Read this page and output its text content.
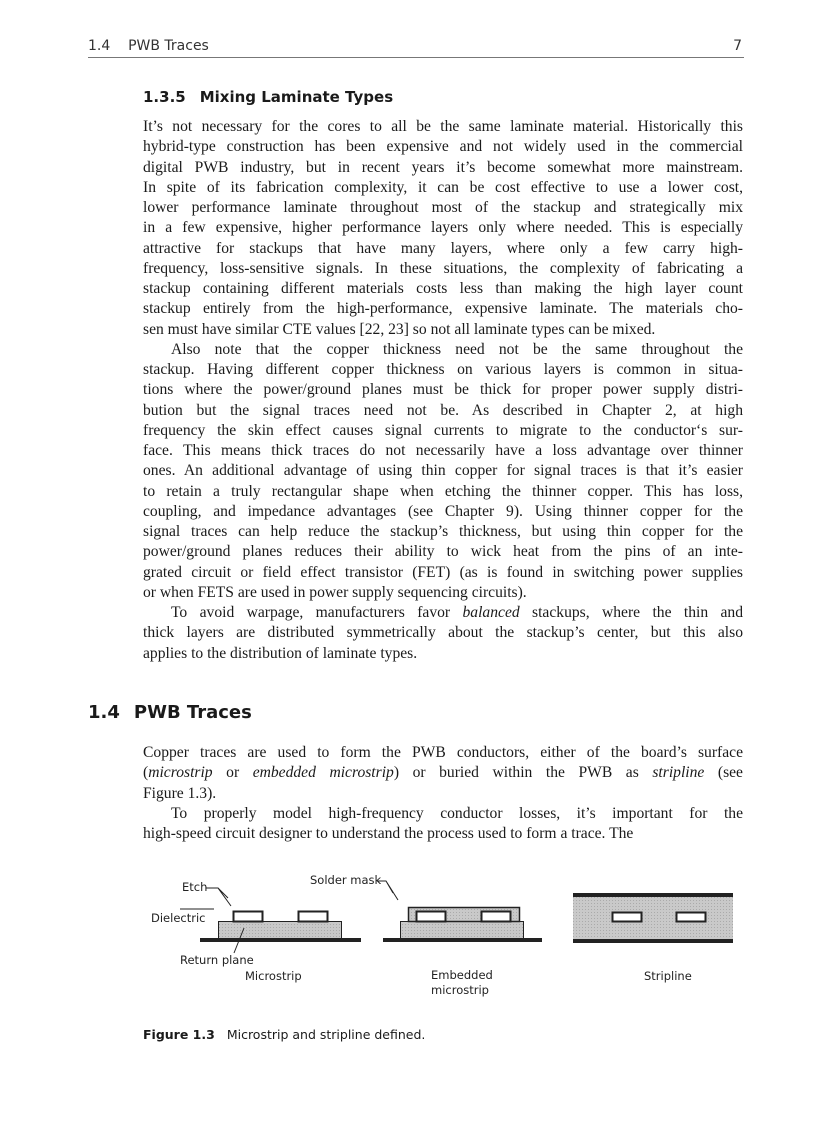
1.4 PWB Traces	7
1.3.5 Mixing Laminate Types
It’s not necessary for the cores to all be the same laminate material. Historically this
hybrid-type construction has been expensive and not widely used in the commercial
digital PWB industry, but in recent years it’s become somewhat more mainstream.
In spite of its fabrication complexity, it can be cost effective to use a lower cost,
lower performance laminate throughout most of the stackup and strategically mix
in a few expensive, higher performance layers only where needed. This is especially
attractive for stackups that have many layers, where only a few carry high-
frequency, loss-sensitive signals. In these situations, the complexity of fabricating a
stackup containing different materials costs less than making the high layer count
stackup entirely from the high-performance, expensive laminate. The materials cho-
sen must have similar CTE values [22, 23] so not all laminate types can be mixed.
Also note that the copper thickness need not be the same throughout the
stackup. Having different copper thickness on various layers is common in situa-
tions where the power/ground planes must be thick for proper power supply distri-
bution but the signal traces need not be. As described in Chapter 2, at high
frequency the skin effect causes signal currents to migrate to the conductor‘s sur-
face. This means thick traces do not necessarily have a loss advantage over thinner
ones. An additional advantage of using thin copper for signal traces is that it’s easier
to retain a truly rectangular shape when etching the thinner copper. This has loss,
coupling, and impedance advantages (see Chapter 9). Using thinner copper for the
signal traces can help reduce the stackup’s thickness, but using thin copper for the
power/ground planes reduces their ability to wick heat from the pins of an inte-
grated circuit or field effect transistor (FET) (as is found in switching power supplies
or when FETS are used in power supply sequencing circuits).
To avoid warpage, manufacturers favor balanced stackups, where the thin and
thick layers are distributed symmetrically about the stackup’s center, but this also
applies to the distribution of laminate types.
1.4 PWB Traces
Copper traces are used to form the PWB conductors, either of the board’s surface
(microstrip or embedded microstrip) or buried within the PWB as stripline (see
Figure 1.3).
To properly model high-frequency conductor losses, it’s important for the
high-speed circuit designer to understand the process used to form a trace. The
Etch	Solder mask
Dielectric
Return plane
Microstrip	Embedded
microstrip
Stripline
Figure 1.3 Microstrip and stripline defined.
